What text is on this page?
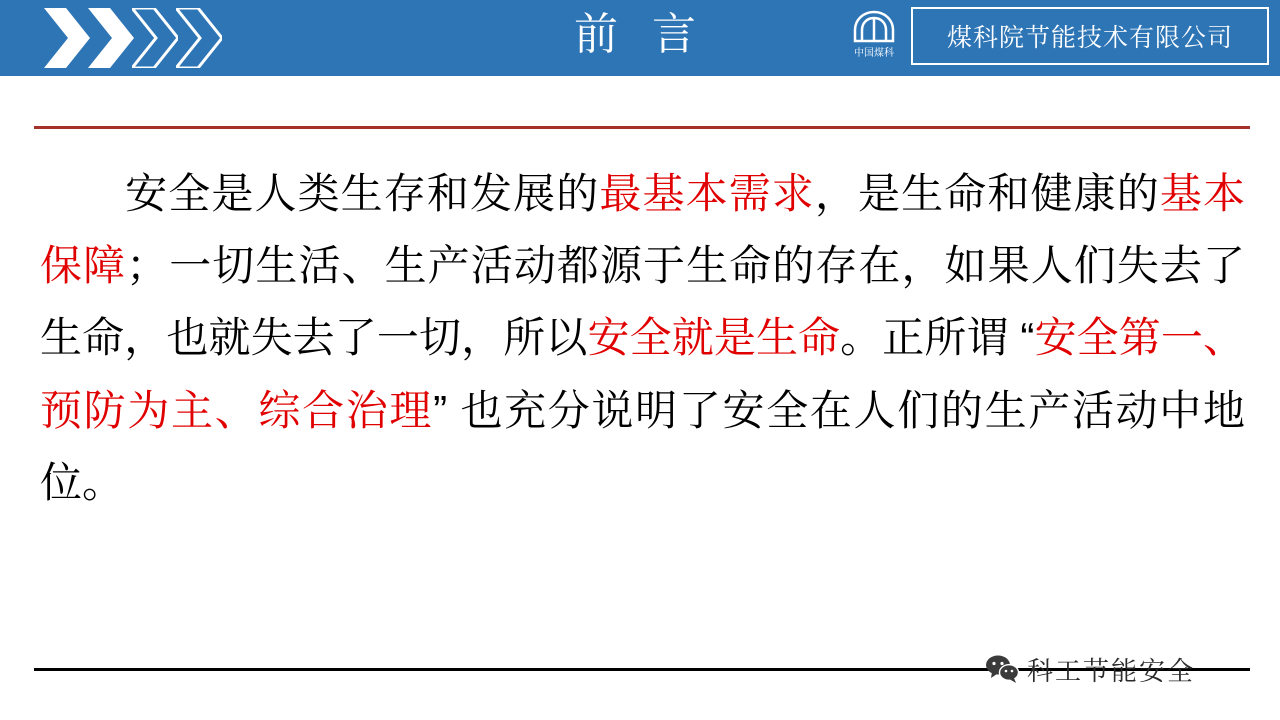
前 言	中国煤科
煤科院节能技术有限公司
安全是人类生存和发展的最基本需求，是生命和健康的基本保障；一切生活、生产活动都源于生命的存在，如果人们失去了生命，也就失去了一切，所以安全就是生命。正所谓 “安全第一、预防为主、综合治理” 也充分说明了安全在人们的生产活动中地位。
科工节能安全
